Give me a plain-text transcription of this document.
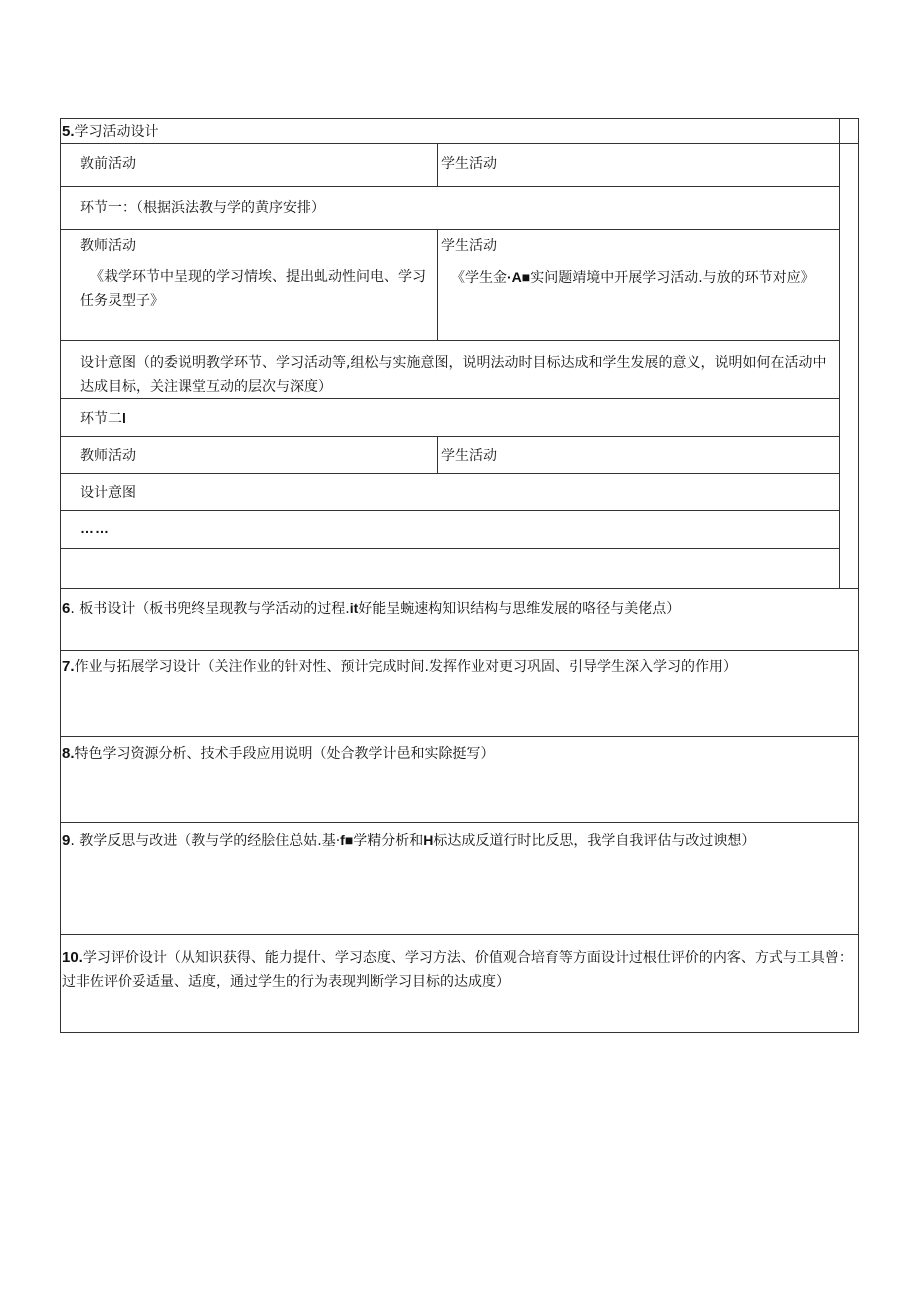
5.学习活动设计
敦前活动	学生活动
环节一：（根据浜法教与学的黄序安排）
教师活动
《栽学环节中呈现的学习情埃、提出虬动性问电、学习任务灵型子》
学生活动
《学生金·A■实问题靖境中开展学习活动.与放的环节对应》
设计意图（的委说明教学环节、学习活动等,组松与实施意图，说明法动时目标达成和学生发展的意义，说明如何在活动中达成目标，关注课堂互动的层次与深度）
环节二l
教师活动	学生活动
设计意图
……
6. 板书设计（板书兜终呈现教与学活动的过程.it好能呈蜿速构知识结构与思维发展的咯径与美佬点）
7.作业与拓展学习设计（关注作业的针对性、预计完成时间.发挥作业对更习巩固、引导学生深入学习的作用）
8.特色学习资源分析、技术手段应用说明（处合教学计邑和实除挺写）
9. 教学反思与改进（教与学的经脍住总姑.基·f■学精分析和H标达成反道行时比反思，我学自我评估与改过谀想）
10.学习评价设计（从知识获得、能力提什、学习态度、学习方法、价值观合培育等方面设计过根仕评价的内客、方式与工具曾：过非佐评价妥适量、适度，通过学生的行为表现判断学习目标的达成度）
